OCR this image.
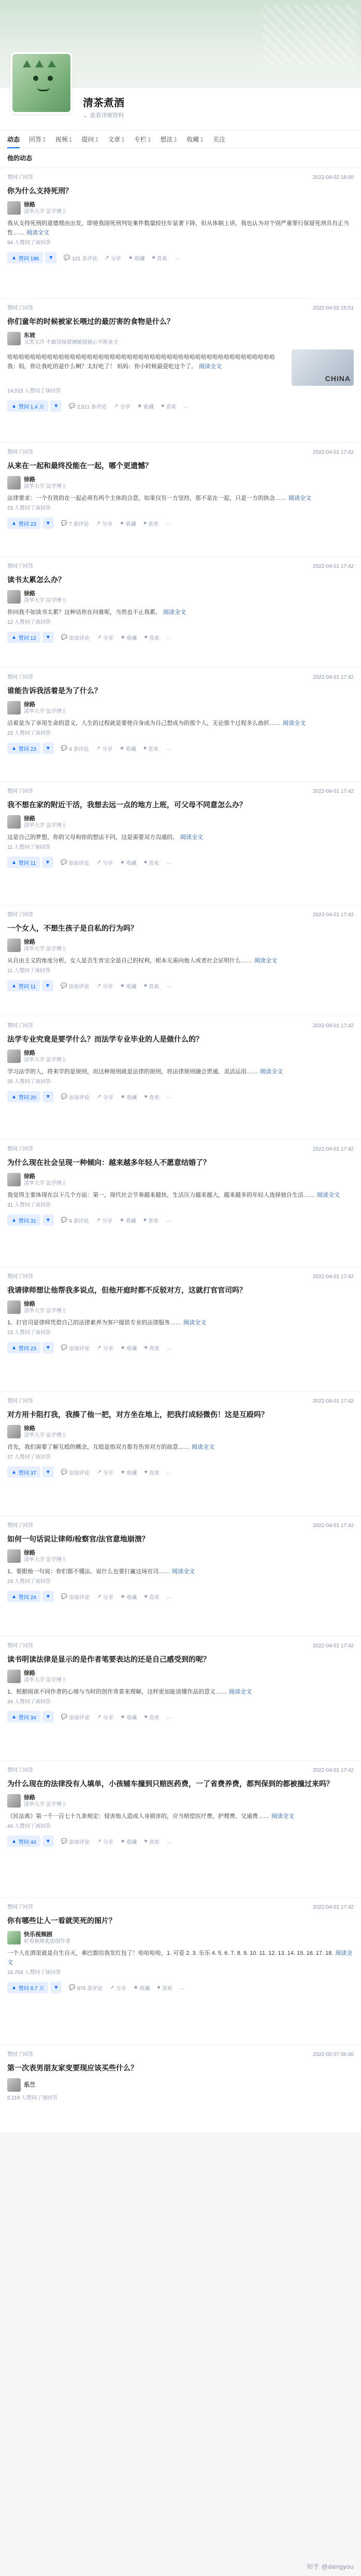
清茶煮酒
⌄ 查看详细资料
动态 回答 1 视频 1 提问 1 文章 1 专栏 1 想法 1 收藏 1 关注
他的动态
赞同了回答	2022-04-02 16:00
你为什么支持死刑？
徐路
清华大学 法学博士
我从支持死刑的道德理由出发，即使我国死刑判处案件数量较往年显著下降，但从体制上讲，我也认为对个别严重罪行保留死刑具有正当性…… 阅读全文
94 人赞同了该回答
▲ 赞同 186 ▼ 💬 101 条评论 ↗ 分享 ★ 收藏 ♥ 喜欢 …
赞同了回答	2022-04-02 15:51
你们童年的时候被家长喂过的最厉害的食物是什么？
东坡
又黑又冷 不敢冒昧猜测她猜她心平欧业主
哈哈哈哈哈哈哈哈哈哈哈哈哈哈哈哈哈哈哈哈哈哈哈哈哈哈哈哈哈哈哈哈哈哈哈哈哈哈哈哈哈哈哈哈哈哈哈 我：妈，你让我吃的是什么啊？太好吃了！ 妈妈：你小时候最爱吃这个了。 阅读全文
CHINA
14,015 人赞同了该回答
▲ 赞同 1.4 万 ▼ 💬 2,011 条评论 ↗ 分享 ★ 收藏 ♥ 喜欢 …
赞同了回答	2022-04-01 17:42
从来在一起和最终没能在一起，哪个更遗憾？
徐路
清华大学 法学博士
法律要求：一个有效的在一起必须有两个主体的合意，如果仅有一方坚持，那不是在一起，只是一方的执念…… 阅读全文
23 人赞同了该回答
▲ 赞同 23 ▼ 💬 7 条评论 ↗ 分享 ★ 收藏 ♥ 喜欢 …
赞同了回答	2022-04-01 17:42
读书太累怎么办？
徐路
清华大学 法学博士
你问我不如读书太累？这种话你在问谁呢，当然也不止我累。 阅读全文
12 人赞同了该回答
▲ 赞同 12 ▼ 💬 添加评论 ↗ 分享 ★ 收藏 ♥ 喜欢 …
赞同了回答	2022-04-01 17:42
谁能告诉我活着是为了什么？
徐路
清华大学 法学博士
活着是为了享用生命的意义，人生的过程就是要使自身成为自己想成为的那个人，无论那个过程多么曲折…… 阅读全文
23 人赞同了该回答
▲ 赞同 23 ▼ 💬 4 条评论 ↗ 分享 ★ 收藏 ♥ 喜欢 …
赞同了回答	2022-04-01 17:42
我不想在家的附近干活，我想去远一点的地方上班，可父母不同意怎么办？
徐路
清华大学 法学博士
这是自己的梦想，你的父母和你的想法不同，这是需要双方沟通的。 阅读全文
11 人赞同了该回答
▲ 赞同 11 ▼ 💬 添加评论 ↗ 分享 ★ 收藏 ♥ 喜欢 …
赞同了回答	2022-04-01 17:42
一个女人，不想生孩子是自私的行为吗？
徐路
清华大学 法学博士
从自由主义的角度分析，女人是否生育完全是自己的权利，根本无需向他人或者社会证明什么…… 阅读全文
11 人赞同了该回答
▲ 赞同 11 ▼ 💬 添加评论 ↗ 分享 ★ 收藏 ♥ 喜欢 …
赞同了回答	2022-04-01 17:42
法学专业究竟是要学什么？而法学专业毕业的人是做什么的？
徐路
清华大学 法学博士
学习法学的人，将来学的是规则，而这种规则就是法律的规则，将法律规则融会贯通、灵活运用…… 阅读全文
20 人赞同了该回答
▲ 赞同 20 ▼ 💬 添加评论 ↗ 分享 ★ 收藏 ♥ 喜欢 …
赞同了回答	2022-04-01 17:42
为什么现在社会呈现一种倾向：越来越多年轻人不愿意结婚了？
徐路
清华大学 法学博士
我觉得主要体现在以下几个方面：第一，现代社会节奏越来越快，生活压力越来越大，越来越多的年轻人选择独自生活…… 阅读全文
31 人赞同了该回答
▲ 赞同 31 ▼ 💬 9 条评论 ↗ 分享 ★ 收藏 ♥ 喜欢 …
赞同了回答	2022-04-01 17:42
我请律师想让他帮我多说点，但他开庭时都不反驳对方，这就打官官司吗？
徐路
清华大学 法学博士
1、打官司是律师凭借自己的法律素养为客户提供专业的法律服务…… 阅读全文
23 人赞同了该回答
▲ 赞同 23 ▼ 💬 添加评论 ↗ 分享 ★ 收藏 ♥ 喜欢 …
赞同了回答	2022-04-01 17:42
对方用卡阻打我，我揍了他一把，对方坐在地上，把我打成轻微伤！这是互殴吗？
徐路
清华大学 法学博士
首先，我们需要了解互殴的概念，互殴是指双方都有伤害对方的故意…… 阅读全文
37 人赞同了该回答
▲ 赞同 37 ▼ 💬 添加评论 ↗ 分享 ★ 收藏 ♥ 喜欢 …
赞同了回答	2022-04-01 17:42
如何一句话说让律师/检察官/法官意地崩溃？
徐路
清华大学 法学博士
1、要跟他一句说：你们都不懂法。说什么也要打赢这场官司…… 阅读全文
24 人赞同了该回答
▲ 赞同 24 ▼ 💬 添加评论 ↗ 分享 ★ 收藏 ♥ 喜欢 …
赞同了回答	2022-04-01 17:42
读书明读法律是显示的是作者笔要表达的还是自己感受到的呢？
徐路
清华大学 法学博士
1、根据阅读不同作者的心境与当时的创作背景来理解，这样更加能读懂作品的意义…… 阅读全文
34 人赞同了该回答
▲ 赞同 34 ▼ 💬 添加评论 ↗ 分享 ★ 收藏 ♥ 喜欢 …
赞同了回答	2022-04-01 17:42
为什么现在的法律没有人填单，小孩辅车撞到只赔医药费，一了省费养费，都判保到的都被撞过来吗？
徐路
清华大学 法学博士
《民法典》第一千一百七十九条规定：侵害他人造成人身损害的，应当赔偿医疗费、护理费、交通费…… 阅读全文
44 人赞同了该回答
▲ 赞同 44 ▼ 💬 添加评论 ↗ 分享 ★ 收藏 ♥ 喜欢 …
赞同了回答	2022-04-01 17:42
你有哪些让人一看就笑死的图片？
快乐视频剧
好看视频优质创作者
一个人在酒里就是自生自灭，乘巴都给我发红包了！哈哈哈哈，1. 可爱 2. 3. 乐乐 4. 5. 6. 7. 8. 9. 10. 11. 12. 13. 14. 15. 16. 17. 18. 阅读全文
16,703 人赞同了该回答
▲ 赞同 8.7 万 ▼ 💬 876 条评论 ↗ 分享 ★ 收藏 ♥ 喜欢 …
赞同了回答	2022-02-07 06:40
第一次表男朋友家变要现应该买些什么？
乐兰
6,119 人赞同了该回答
知乎 @dangyou
